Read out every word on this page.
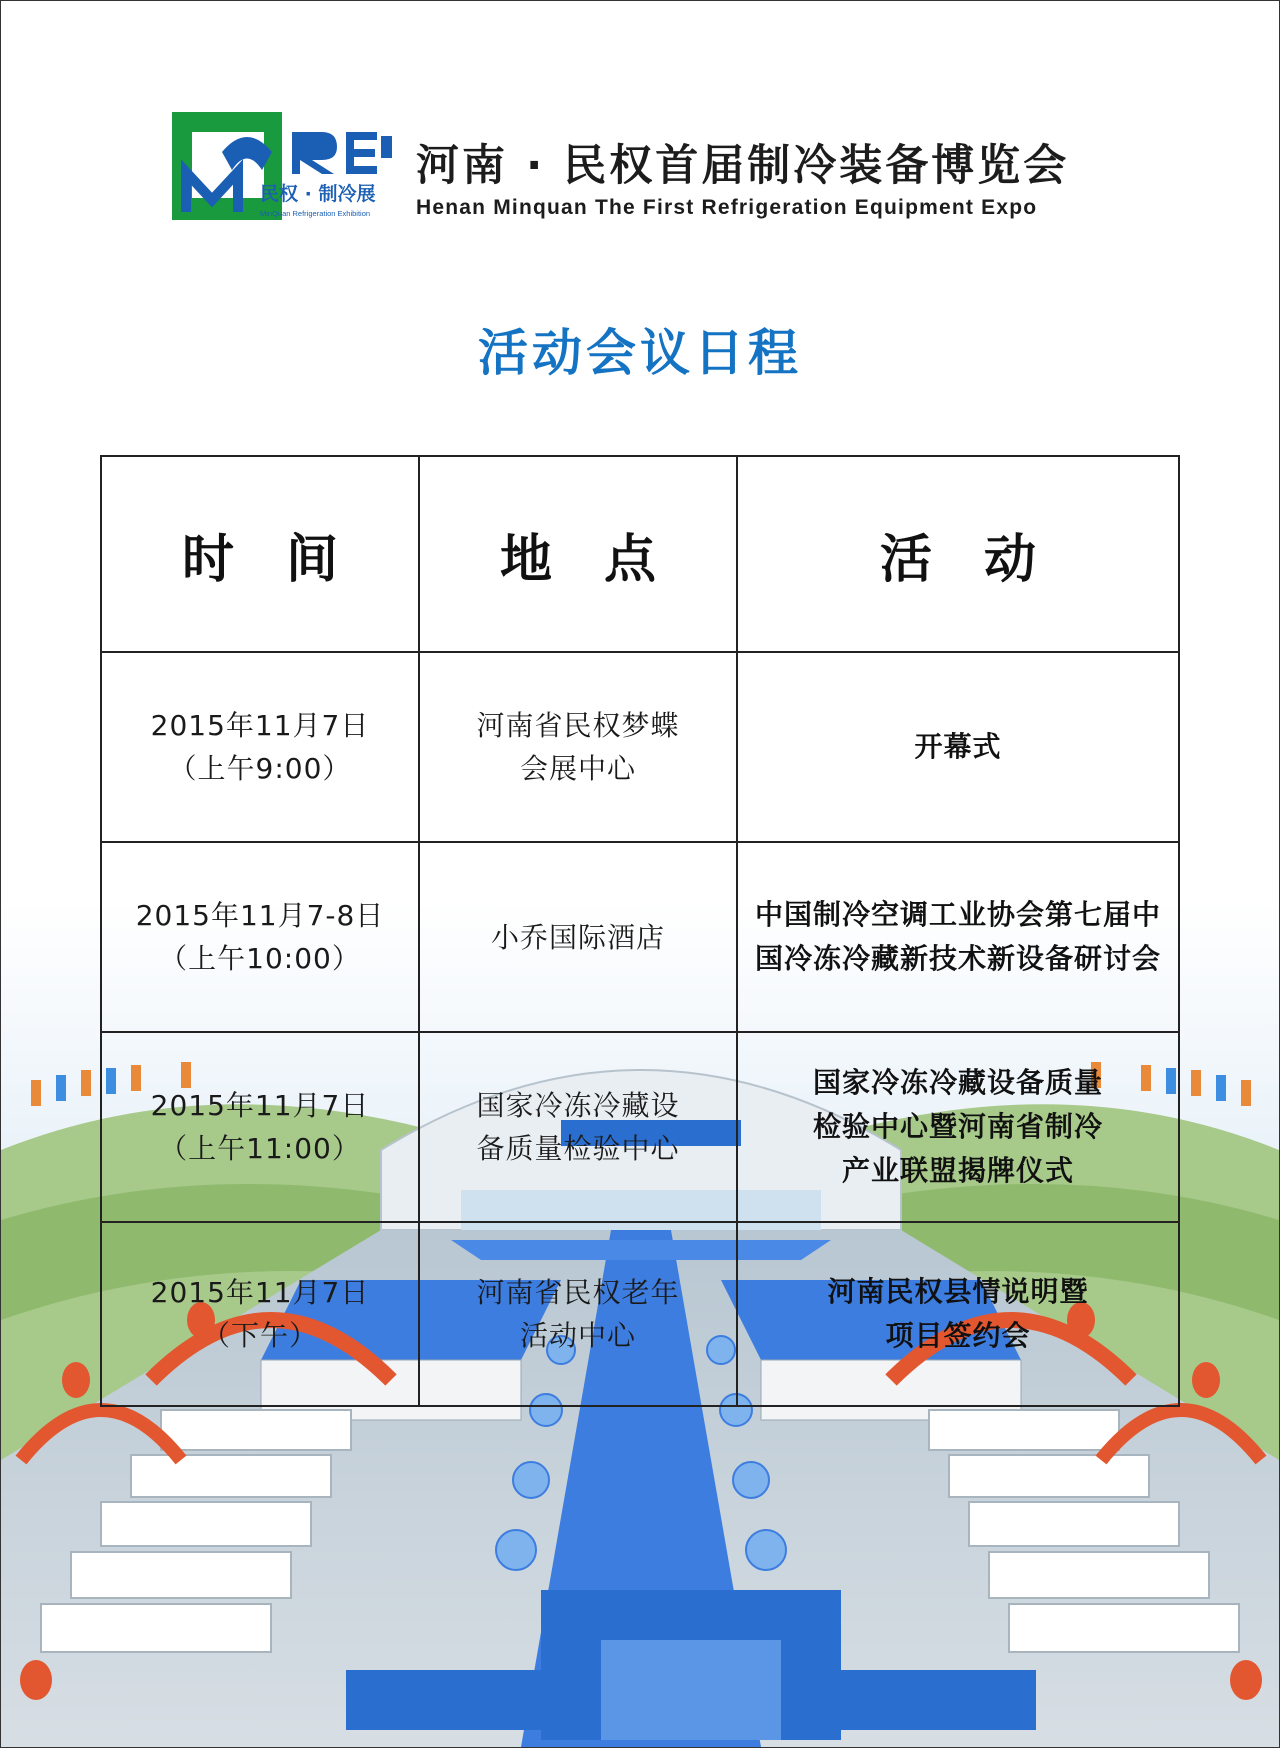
民权 · 制冷展
MinQuan Refrigeration Exhibition
河南 · 民权首届制冷装备博览会
Henan Minquan The First Refrigeration Equipment Expo
活动会议日程
时　间	地　点	活　动
2015年11月7日
（上午9:00）
河南省民权梦蝶
会展中心
开幕式
2015年11月7-8日
（上午10:00）
小乔国际酒店
中国制冷空调工业协会第七届中
国冷冻冷藏新技术新设备研讨会
2015年11月7日
（上午11:00）
国家冷冻冷藏设
备质量检验中心
国家冷冻冷藏设备质量
检验中心暨河南省制冷
产业联盟揭牌仪式
2015年11月7日
（下午）
河南省民权老年
活动中心
河南民权县情说明暨
项目签约会
